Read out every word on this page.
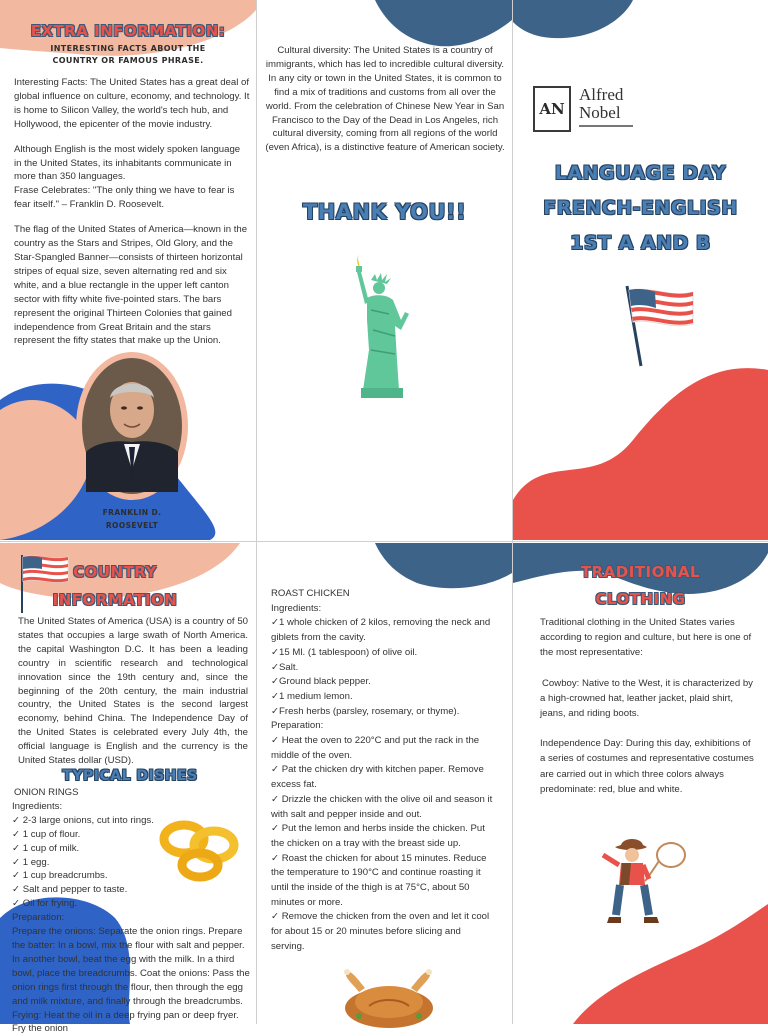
EXTRA INFORMATION:
INTERESTING FACTS ABOUT THE
COUNTRY OR FAMOUS PHRASE.

Interesting Facts: The United States has a great deal of global influence on culture, economy, and technology. It is home to Silicon Valley, the world's tech hub, and Hollywood, the epicenter of the movie industry.

Although English is the most widely spoken language in the United States, its inhabitants communicate in more than 350 languages.

Frase Celebrates: "The only thing we have to fear is fear itself." – Franklin D. Roosevelt.

The flag of the United States of America—known in the country as the Stars and Stripes, Old Glory, and the Star-Spangled Banner—consists of thirteen horizontal stripes of equal size, seven alternating red and six white, and a blue rectangle in the upper left canton sector with fifty white five-pointed stars. The bars represent the original Thirteen Colonies that gained independence from Great Britain and the stars represent the fifty states that make up the Union.

FRANKLIN D.
ROOSEVELT
Cultural diversity: The United States is a country of immigrants, which has led to incredible cultural diversity. In any city or town in the United States, it is common to find a mix of traditions and customs from all over the world. From the celebration of Chinese New Year in San Francisco to the Day of the Dead in Los Angeles, rich cultural diversity, coming from all regions of the world (even Africa), is a distinctive feature of American society.
THANK YOU!!
AN
Alfred
Nobel
LANGUAGE DAY
FRENCH-ENGLISH
1ST A AND B
COUNTRY
INFORMATION
The United States of America (USA) is a country of 50 states that occupies a large swath of North America. the capital Washington D.C. It has been a leading country in scientific research and technological innovation since the 19th century and, since the beginning of the 20th century, the main industrial country, the United States is the second largest economy, behind China. The Independence Day of the United States is celebrated every July 4th, the official language is English and the currency is the United States dollar (USD).
TYPICAL DISHES

ONION RINGS

Ingredients:

✓ 2-3 large onions, cut into rings.
✓ 1 cup of flour.
✓ 1 cup of milk.
✓ 1 egg.
✓ 1 cup breadcrumbs.
✓ Salt and pepper to taste.
✓ Oil for frying.

Preparation:

Prepare the onions: Separate the onion rings. Prepare the batter: In a bowl, mix the flour with salt and pepper. In another bowl, beat the egg with the milk. In a third bowl, place the breadcrumbs. Coat the onions: Pass the onion rings first through the flour, then through the egg and milk mixture, and finally through the breadcrumbs. Frying: Heat the oil in a deep frying pan or deep fryer. Fry the onion

ROAST CHICKEN

Ingredients:

✓1 whole chicken of 2 kilos, removing the neck and giblets from the cavity.

✓15 Ml. (1 tablespoon) of olive oil.

✓Salt.

✓Ground black pepper.

✓1 medium lemon.

✓Fresh herbs (parsley, rosemary, or thyme).

Preparation:

✓ Heat the oven to 220°C and put the rack in the middle of the oven.

✓ Pat the chicken dry with kitchen paper. Remove excess fat.

✓ Drizzle the chicken with the olive oil and season it with salt and pepper inside and out.

✓ Put the lemon and herbs inside the chicken. Put the chicken on a tray with the breast side up.

✓ Roast the chicken for about 15 minutes. Reduce the temperature to 190°C and continue roasting it until the inside of the thigh is at 75°C, about 50 minutes or more.

✓ Remove the chicken from the oven and let it cool for about 15 or 20 minutes before slicing and serving.

TRADITIONAL
CLOTHING

Traditional clothing in the United States varies according to region and culture, but here is one of the most representative:

Cowboy: Native to the West, it is characterized by a high-crowned hat, leather jacket, plaid shirt, jeans, and riding boots.

Independence Day: During this day, exhibitions of a series of costumes and representative costumes are carried out in which three colors always predominate: red, blue and white.
